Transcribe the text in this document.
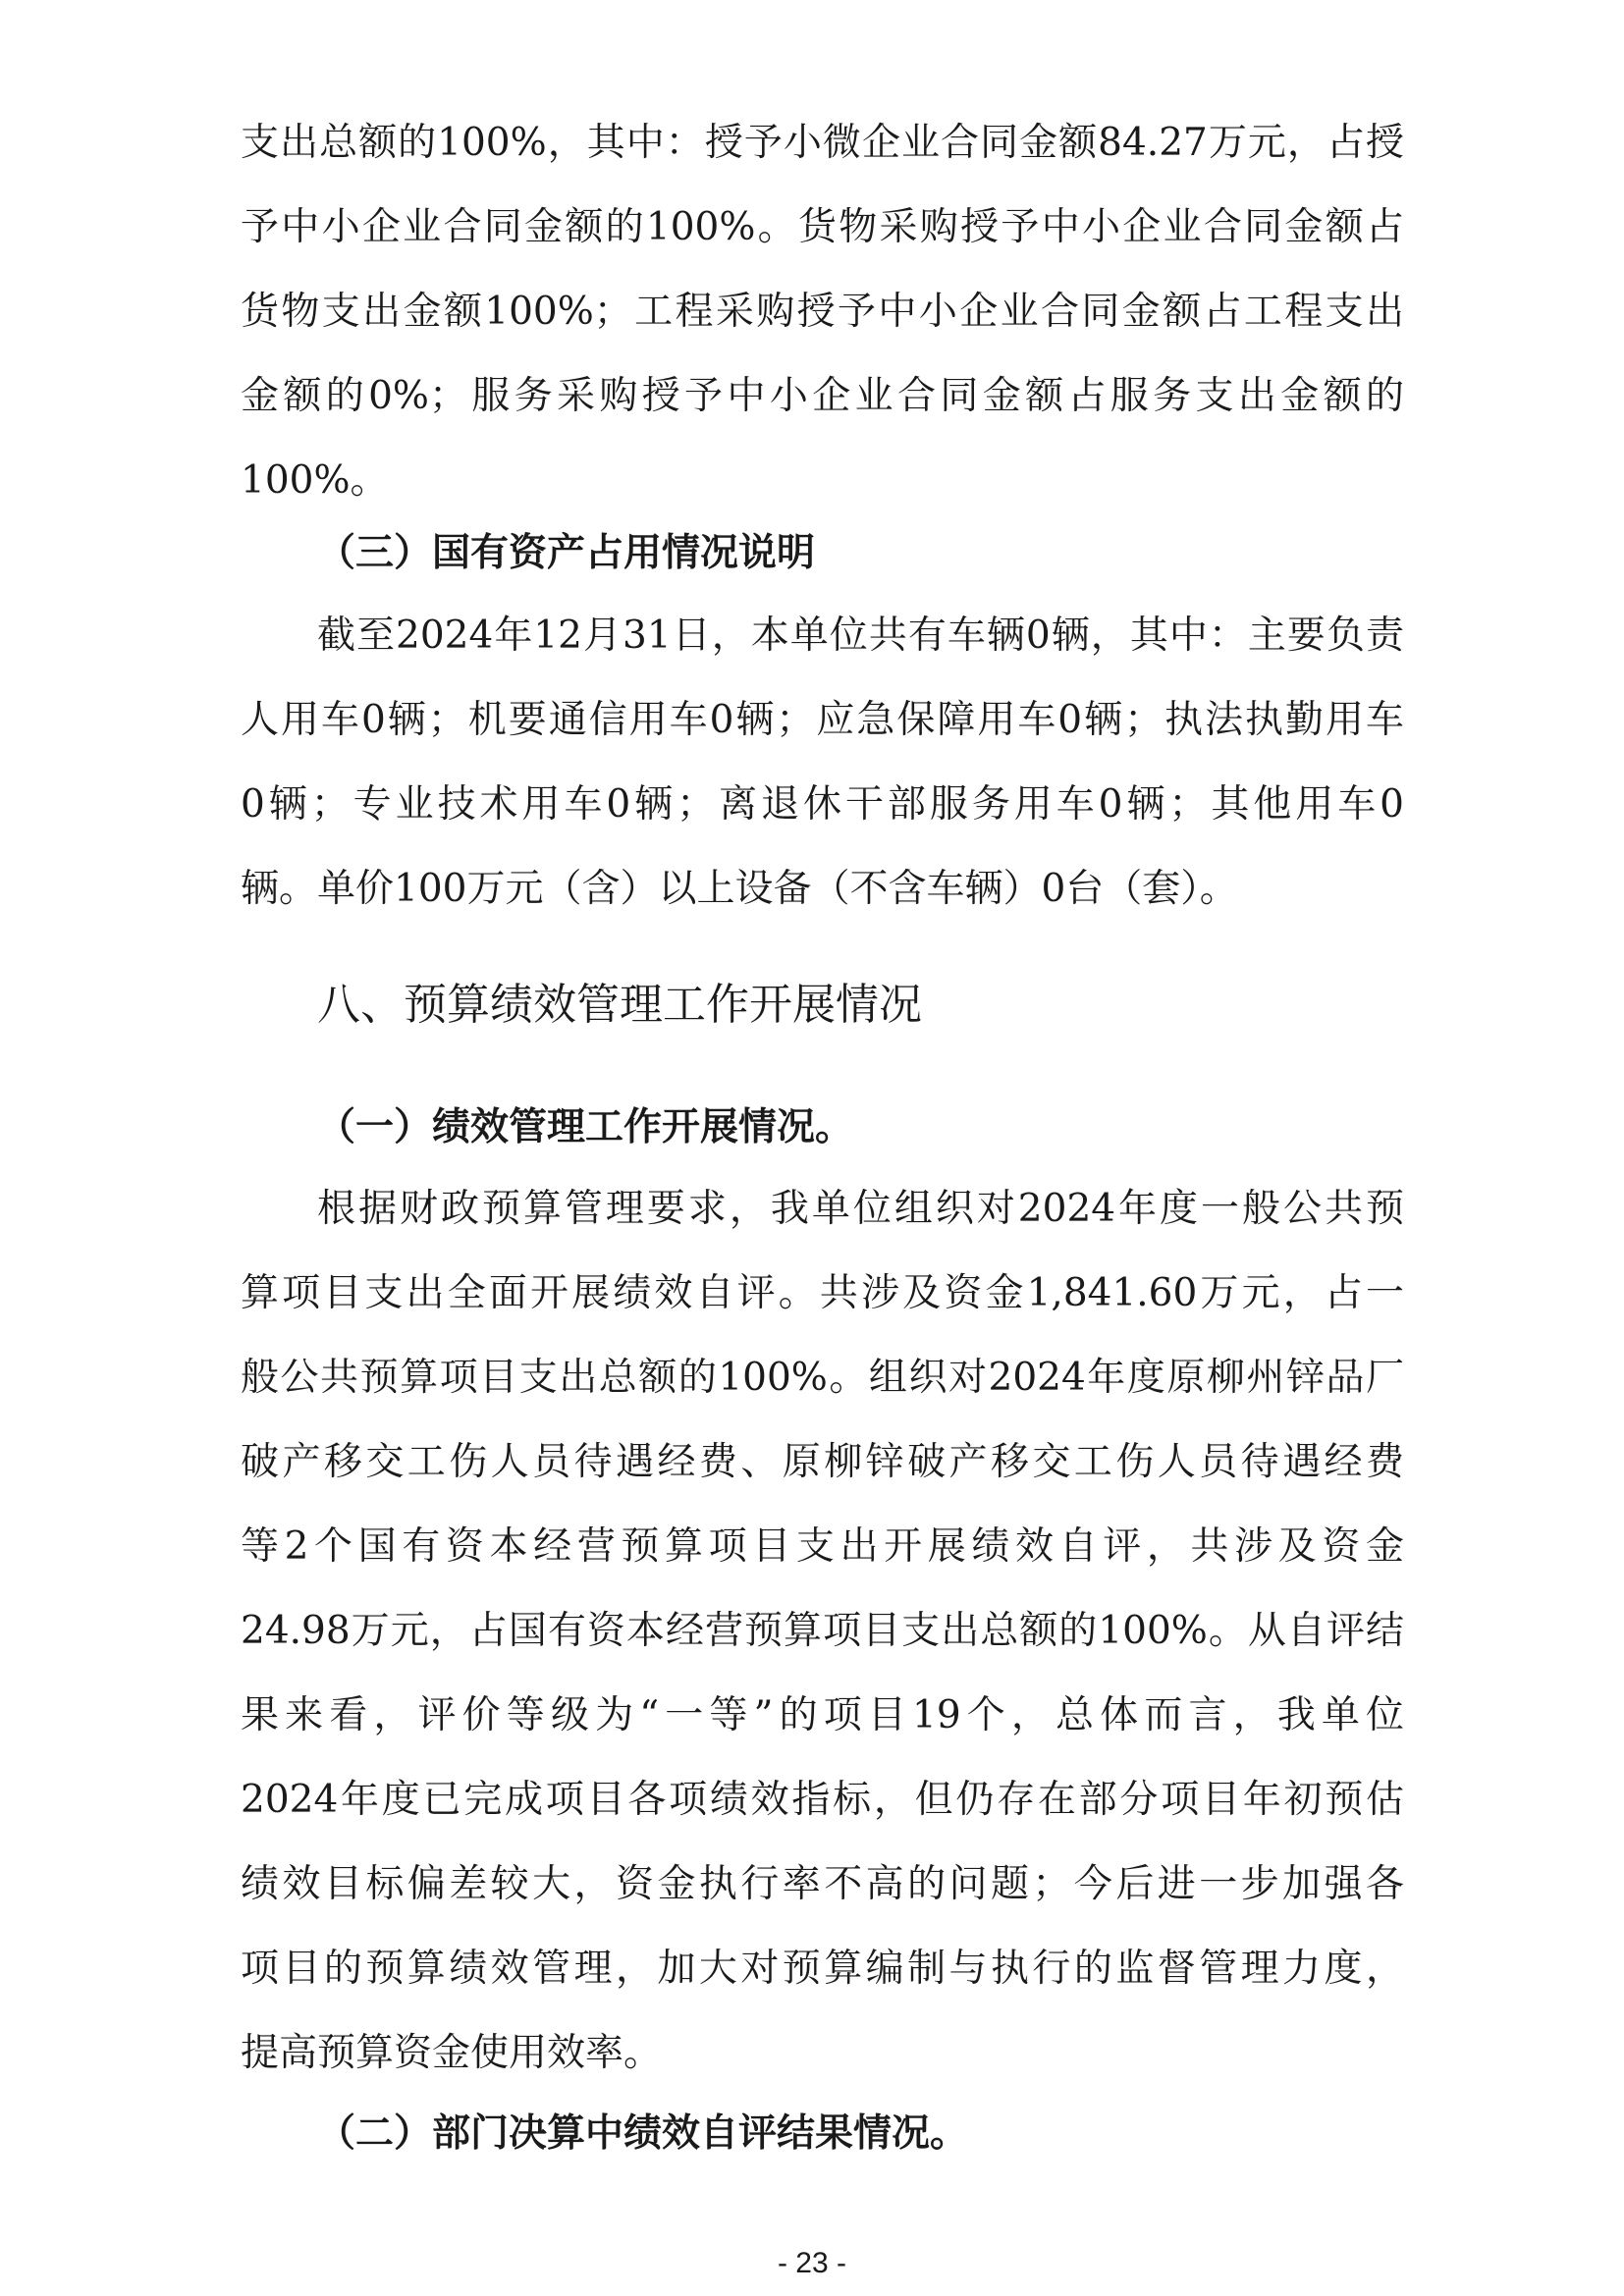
支出总额的100%，其中：授予小微企业合同金额84.27万元，占授

予中小企业合同金额的100%。货物采购授予中小企业合同金额占

货物支出金额100%；工程采购授予中小企业合同金额占工程支出

金额的0%；服务采购授予中小企业合同金额占服务支出金额的

100%。

（三）国有资产占用情况说明

截至2024年12月31日，本单位共有车辆0辆，其中：主要负责

人用车0辆；机要通信用车0辆；应急保障用车0辆；执法执勤用车

0辆；专业技术用车0辆；离退休干部服务用车0辆；其他用车0

辆。单价100万元（含）以上设备（不含车辆）0台（套）。

八、预算绩效管理工作开展情况
（一）绩效管理工作开展情况。

根据财政预算管理要求，我单位组织对2024年度一般公共预

算项目支出全面开展绩效自评。共涉及资金1,841.60万元，占一

般公共预算项目支出总额的100%。组织对2024年度原柳州锌品厂

破产移交工伤人员待遇经费、原柳锌破产移交工伤人员待遇经费

等2个国有资本经营预算项目支出开展绩效自评，共涉及资金

24.98万元，占国有资本经营预算项目支出总额的100%。从自评结

果来看，评价等级为“一等”的项目19个，总体而言，我单位

2024年度已完成项目各项绩效指标，但仍存在部分项目年初预估

绩效目标偏差较大，资金执行率不高的问题；今后进一步加强各

项目的预算绩效管理，加大对预算编制与执行的监督管理力度，

提高预算资金使用效率。

（二）部门决算中绩效自评结果情况。
- 23 -
